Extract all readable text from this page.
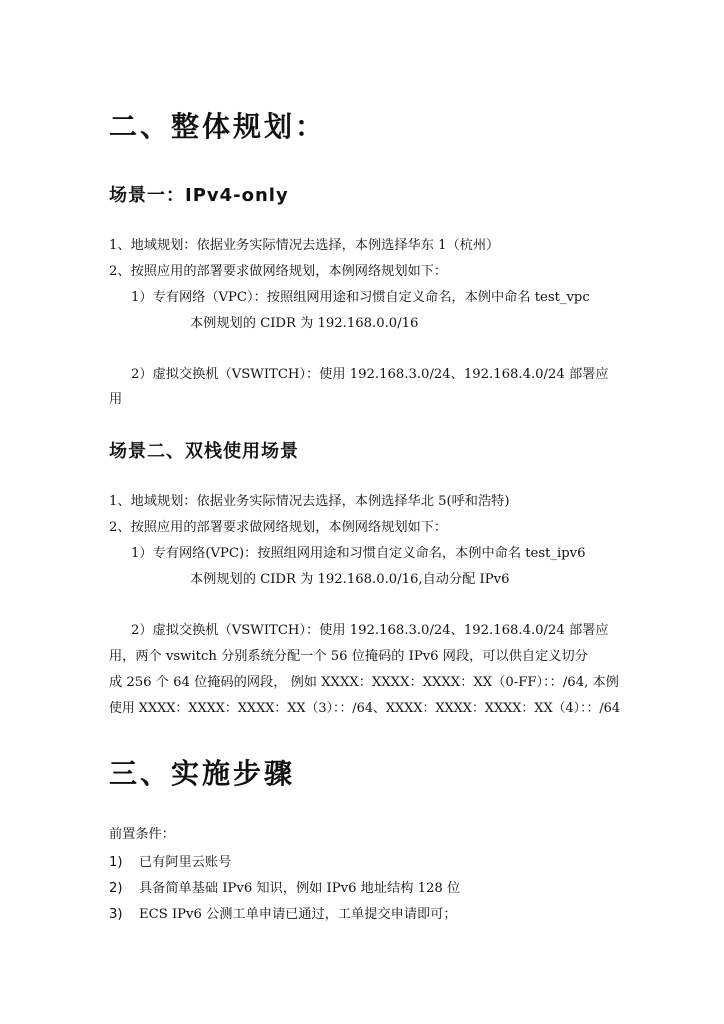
二、整体规划：
场景一：IPv4-only
1、地域规划：依据业务实际情况去选择，本例选择华东 1（杭州）
2、按照应用的部署要求做网络规划，本例网络规划如下：
1）专有网络（VPC）：按照组网用途和习惯自定义命名，本例中命名 test_vpc
本例规划的 CIDR 为 192.168.0.0/16
2）虚拟交换机（VSWITCH）：使用 192.168.3.0/24、192.168.4.0/24 部署应
用
场景二、双栈使用场景
1、地域规划：依据业务实际情况去选择，本例选择华北 5(呼和浩特)
2、按照应用的部署要求做网络规划，本例网络规划如下：
1）专有网络(VPC)：按照组网用途和习惯自定义命名，本例中命名 test_ipv6
本例规划的 CIDR 为 192.168.0.0/16,自动分配 IPv6
2）虚拟交换机（VSWITCH）：使用 192.168.3.0/24、192.168.4.0/24 部署应
用，两个 vswitch 分别系统分配一个 56 位掩码的 IPv6 网段，可以供自定义切分
成 256 个 64 位掩码的网段， 例如 XXXX：XXXX：XXXX：XX（0-FF）：：/64, 本例
使用 XXXX：XXXX：XXXX：XX（3）：：/64、XXXX：XXXX：XXXX：XX（4）：：/64
三、实施步骤
前置条件：
1) 已有阿里云账号
2) 具备简单基础 IPv6 知识，例如 IPv6 地址结构 128 位
3) ECS IPv6 公测工单申请已通过，工单提交申请即可；
